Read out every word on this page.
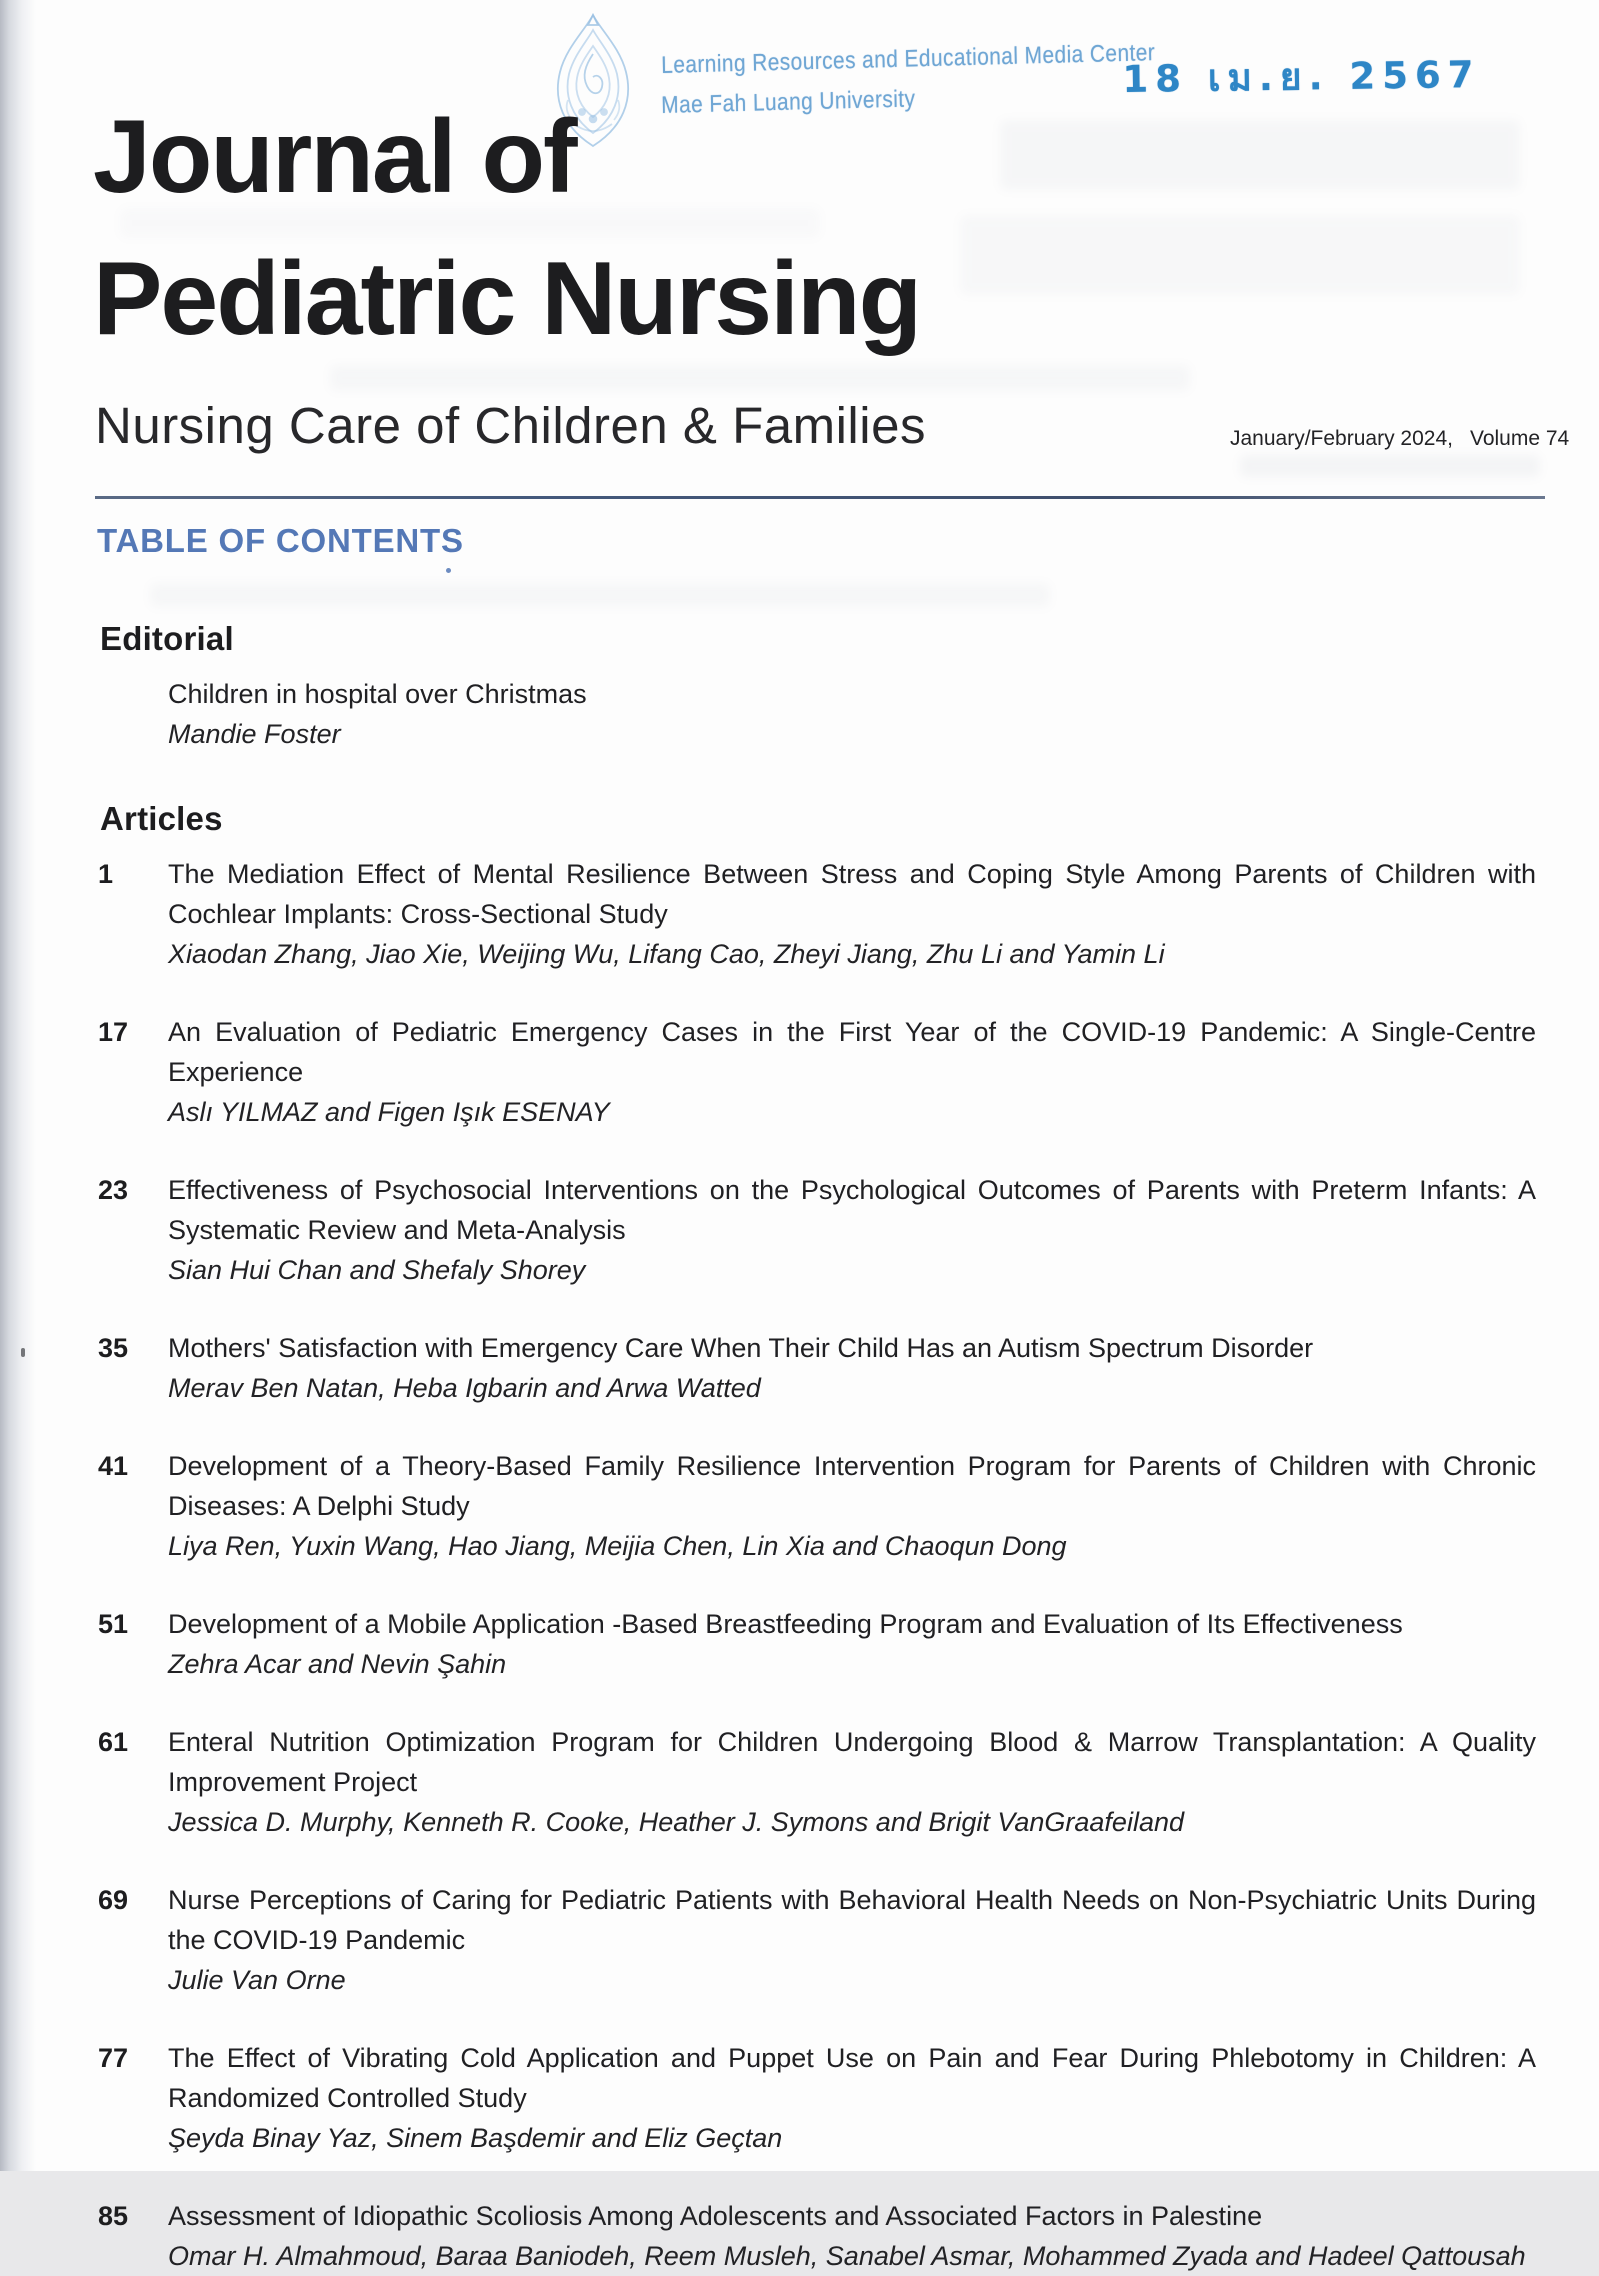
Learning Resources and Educational Media Center
Mae Fah Luang University
18 เม.ย. 2567
Journal of
Pediatric Nursing
Nursing Care of Children & Families	January/February 2024, Volume 74
TABLE OF CONTENTS
Editorial
Children in hospital over Christmas
Mandie Foster
Articles
1	The Mediation Effect of Mental Resilience Between Stress and Coping Style Among Parents of Children with Cochlear Implants: Cross-Sectional Study
Xiaodan Zhang, Jiao Xie, Weijing Wu, Lifang Cao, Zheyi Jiang, Zhu Li and Yamin Li
17	An Evaluation of Pediatric Emergency Cases in the First Year of the COVID-19 Pandemic: A Single-Centre Experience
Aslı YILMAZ and Figen Işık ESENAY
23	Effectiveness of Psychosocial Interventions on the Psychological Outcomes of Parents with Preterm Infants: A Systematic Review and Meta-Analysis
Sian Hui Chan and Shefaly Shorey
35	Mothers' Satisfaction with Emergency Care When Their Child Has an Autism Spectrum Disorder
Merav Ben Natan, Heba Igbarin and Arwa Watted
41	Development of a Theory-Based Family Resilience Intervention Program for Parents of Children with Chronic Diseases: A Delphi Study
Liya Ren, Yuxin Wang, Hao Jiang, Meijia Chen, Lin Xia and Chaoqun Dong
51	Development of a Mobile Application -Based Breastfeeding Program and Evaluation of Its Effectiveness
Zehra Acar and Nevin Şahin
61	Enteral Nutrition Optimization Program for Children Undergoing Blood & Marrow Transplantation: A Quality Improvement Project
Jessica D. Murphy, Kenneth R. Cooke, Heather J. Symons and Brigit VanGraafeiland
69	Nurse Perceptions of Caring for Pediatric Patients with Behavioral Health Needs on Non-Psychiatric Units During the COVID-19 Pandemic
Julie Van Orne
77	The Effect of Vibrating Cold Application and Puppet Use on Pain and Fear During Phlebotomy in Children: A Randomized Controlled Study
Şeyda Binay Yaz, Sinem Başdemir and Eliz Geçtan
85	Assessment of Idiopathic Scoliosis Among Adolescents and Associated Factors in Palestine
Omar H. Almahmoud, Baraa Baniodeh, Reem Musleh, Sanabel Asmar, Mohammed Zyada and Hadeel Qattousah
